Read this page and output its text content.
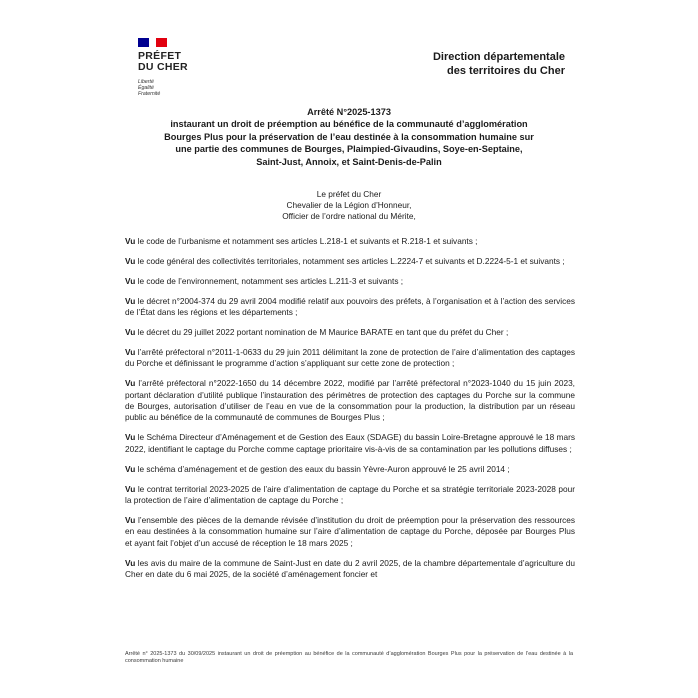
PRÉFET
DU CHER
Liberté
Égalité
Fraternité
Direction départementale
des territoires du Cher
Arrêté N°2025-1373
instaurant un droit de préemption au bénéfice de la communauté d’agglomération
Bourges Plus pour la préservation de l’eau destinée à la consommation humaine sur
une partie des communes de Bourges, Plaimpied-Givaudins, Soye-en-Septaine,
Saint-Just, Annoix, et Saint-Denis-de-Palin
Le préfet du Cher
Chevalier de la Légion d’Honneur,
Officier de l’ordre national du Mérite,

Vu le code de l’urbanisme et notamment ses articles L.218-1 et suivants et R.218-1 et suivants ;

Vu le code général des collectivités territoriales, notamment ses articles L.2224-7 et suivants et D.2224-5-1 et suivants ;

Vu le code de l’environnement, notamment ses articles L.211-3 et suivants ;

Vu le décret n°2004-374 du 29 avril 2004 modifié relatif aux pouvoirs des préfets, à l’organisation et à l’action des services de l’État dans les régions et les départements ;

Vu le décret du 29 juillet 2022 portant nomination de M Maurice BARATE en tant que du préfet du Cher ;

Vu l’arrêté préfectoral n°2011-1-0633 du 29 juin 2011 délimitant la zone de protection de l’aire d’alimentation des captages du Porche et définissant le programme d’action s’appliquant sur cette zone de protection ;

Vu l’arrêté préfectoral n°2022-1650 du 14 décembre 2022, modifié par l’arrêté préfectoral n°2023-1040 du 15 juin 2023, portant déclaration d’utilité publique l’instauration des périmètres de protection des captages du Porche sur la commune de Bourges, autorisation d’utiliser de l’eau en vue de la consommation pour la production, la distribution par un réseau public au bénéfice de la communauté de communes de Bourges Plus ;

Vu le Schéma Directeur d’Aménagement et de Gestion des Eaux (SDAGE) du bassin Loire-Bretagne approuvé le 18 mars 2022, identifiant le captage du Porche comme captage prioritaire vis-à-vis de sa contamination par les pollutions diffuses ;

Vu le schéma d’aménagement et de gestion des eaux du bassin Yèvre-Auron approuvé le 25 avril 2014 ;

Vu le contrat territorial 2023-2025 de l’aire d’alimentation de captage du Porche et sa stratégie territoriale 2023-2028 pour la protection de l’aire d’alimentation de captage du Porche ;

Vu l’ensemble des pièces de la demande révisée d’institution du droit de préemption pour la préservation des ressources en eau destinées à la consommation humaine sur l’aire d’alimentation de captage du Porche, déposée par Bourges Plus et ayant fait l’objet d’un accusé de réception le 18 mars 2025 ;

Vu les avis du maire de la commune de Saint-Just en date du 2 avril 2025, de la chambre départementale d’agriculture du Cher en date du 6 mai 2025, de la société d’aménagement foncier et

Arrêté n° 2025-1373 du 30/09/2025 instaurant un droit de préemption au bénéfice de la communauté d’agglomération Bourges Plus pour la préservation de l’eau destinée à la consommation humaine
